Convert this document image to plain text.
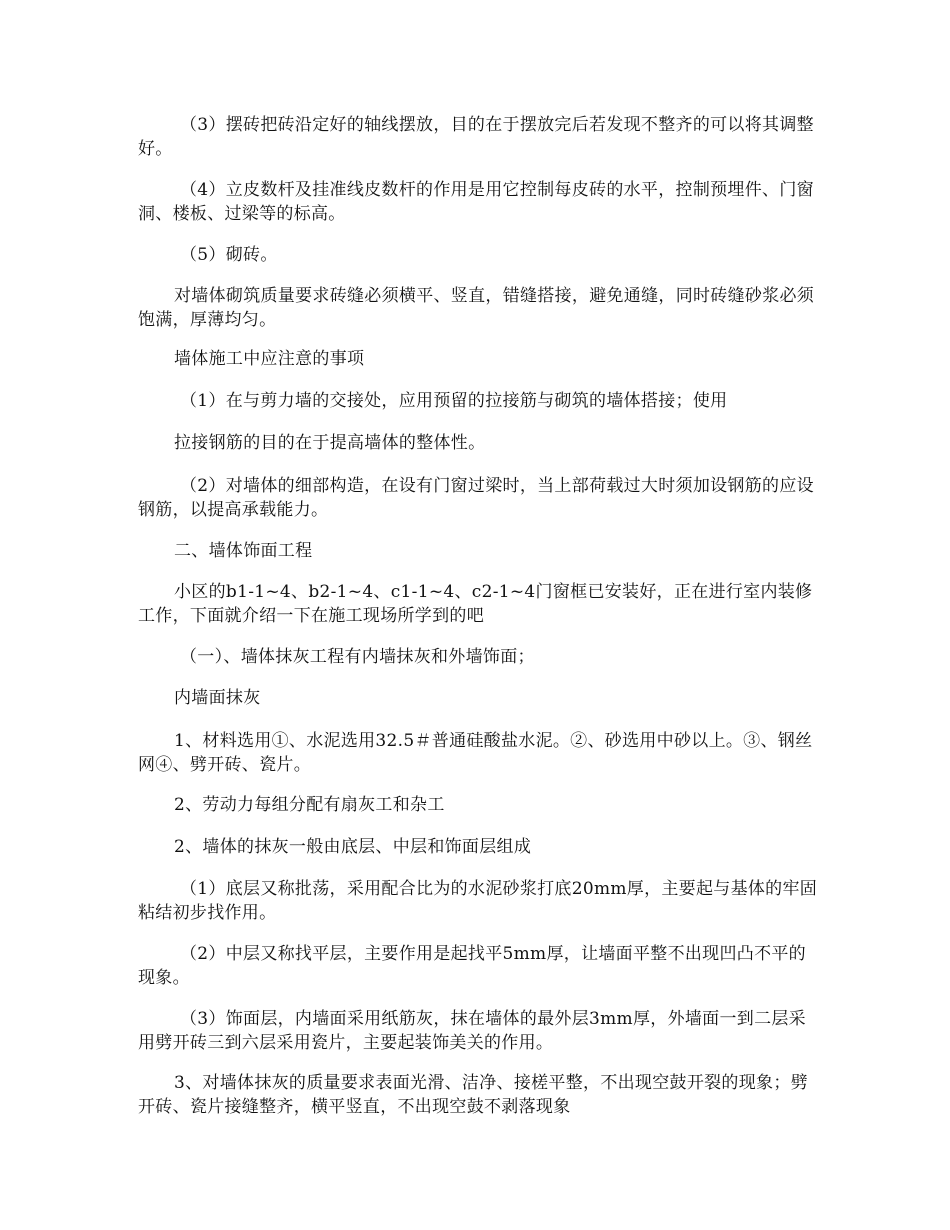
（3）摆砖把砖沿定好的轴线摆放，目的在于摆放完后若发现不整齐的可以将其调整好。

（4）立皮数杆及挂准线皮数杆的作用是用它控制每皮砖的水平，控制预埋件、门窗洞、楼板、过梁等的标高。

（5）砌砖。

对墙体砌筑质量要求砖缝必须横平、竖直，错缝搭接，避免通缝，同时砖缝砂浆必须饱满，厚薄均匀。

墙体施工中应注意的事项

（1）在与剪力墙的交接处，应用预留的拉接筋与砌筑的墙体搭接；使用

拉接钢筋的目的在于提高墙体的整体性。

（2）对墙体的细部构造，在设有门窗过梁时，当上部荷载过大时须加设钢筋的应设钢筋，以提高承载能力。

二、墙体饰面工程

小区的b1-1~4、b2-1~4、c1-1~4、c2-1~4门窗框已安装好，正在进行室内装修工作，下面就介绍一下在施工现场所学到的吧

（一）、墙体抹灰工程有内墙抹灰和外墙饰面；

内墙面抹灰

1、材料选用①、水泥选用32.5＃普通硅酸盐水泥。②、砂选用中砂以上。③、钢丝网④、劈开砖、瓷片。

2、劳动力每组分配有扇灰工和杂工

2、墙体的抹灰一般由底层、中层和饰面层组成

（1）底层又称批荡，采用配合比为的水泥砂浆打底20mm厚，主要起与基体的牢固粘结初步找作用。

（2）中层又称找平层，主要作用是起找平5mm厚，让墙面平整不出现凹凸不平的现象。

（3）饰面层，内墙面采用纸筋灰，抹在墙体的最外层3mm厚，外墙面一到二层采用劈开砖三到六层采用瓷片，主要起装饰美关的作用。

3、对墙体抹灰的质量要求表面光滑、洁净、接槎平整，不出现空鼓开裂的现象；劈开砖、瓷片接缝整齐，横平竖直，不出现空鼓不剥落现象
